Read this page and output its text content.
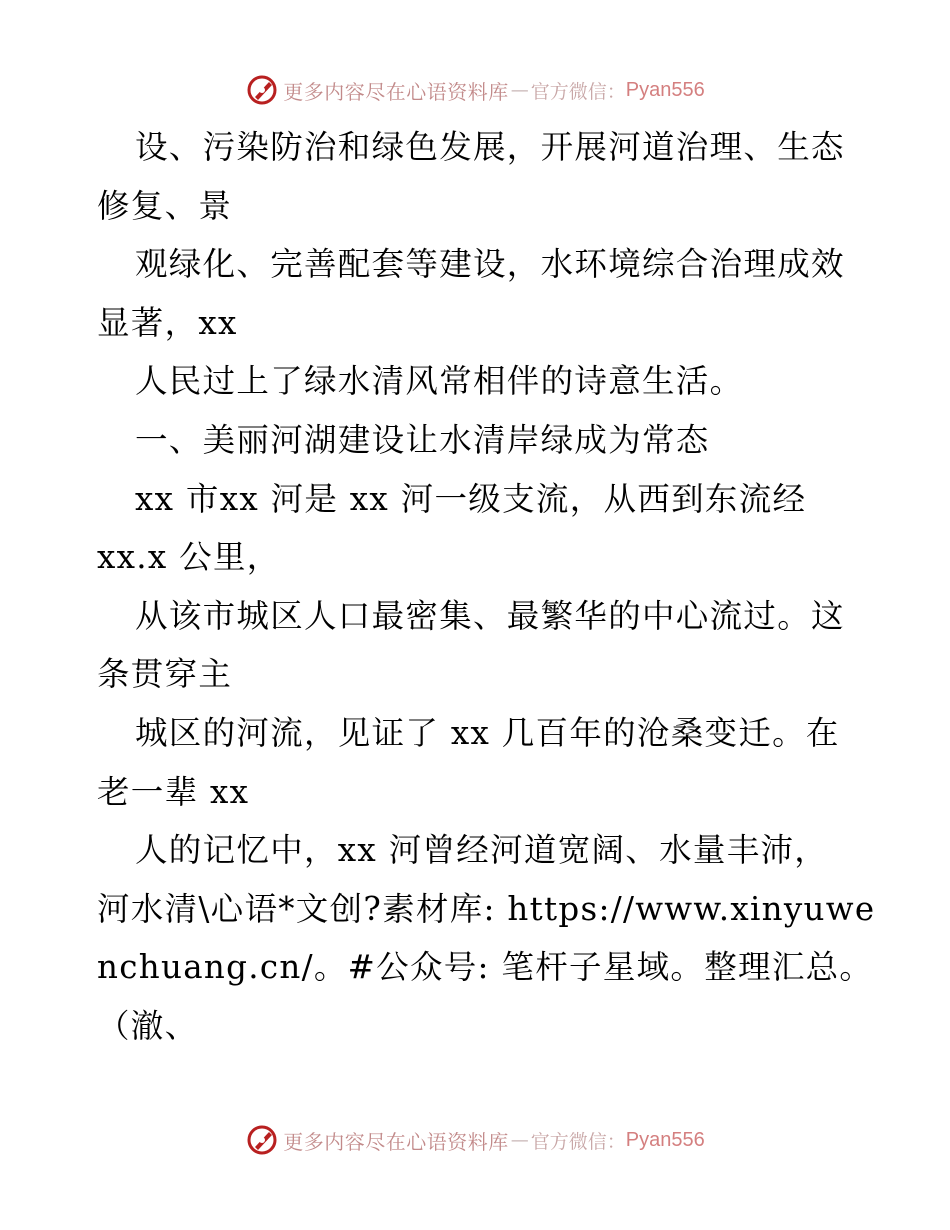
更多内容尽在心语资料库 — 官方微信： Pyan556
设、污染防治和绿色发展，开展河道治理、生态
修复、景
观绿化、完善配套等建设，水环境综合治理成效
显著，xx
人民过上了绿水清风常相伴的诗意生活。
一、美丽河湖建设让水清岸绿成为常态
xx 市xx 河是 xx 河一级支流，从西到东流经
xx.x 公里，
从该市城区人口最密集、最繁华的中心流过。这
条贯穿主
城区的河流，见证了 xx 几百年的沧桑变迁。在
老一辈 xx
人的记忆中，xx 河曾经河道宽阔、水量丰沛，
河水清\心语*文创?素材库: https://www.xinyuwe
nchuang.cn/。#公众号: 笔杆子星域。整理汇总。
（澈、
更多内容尽在心语资料库 — 官方微信： Pyan556
